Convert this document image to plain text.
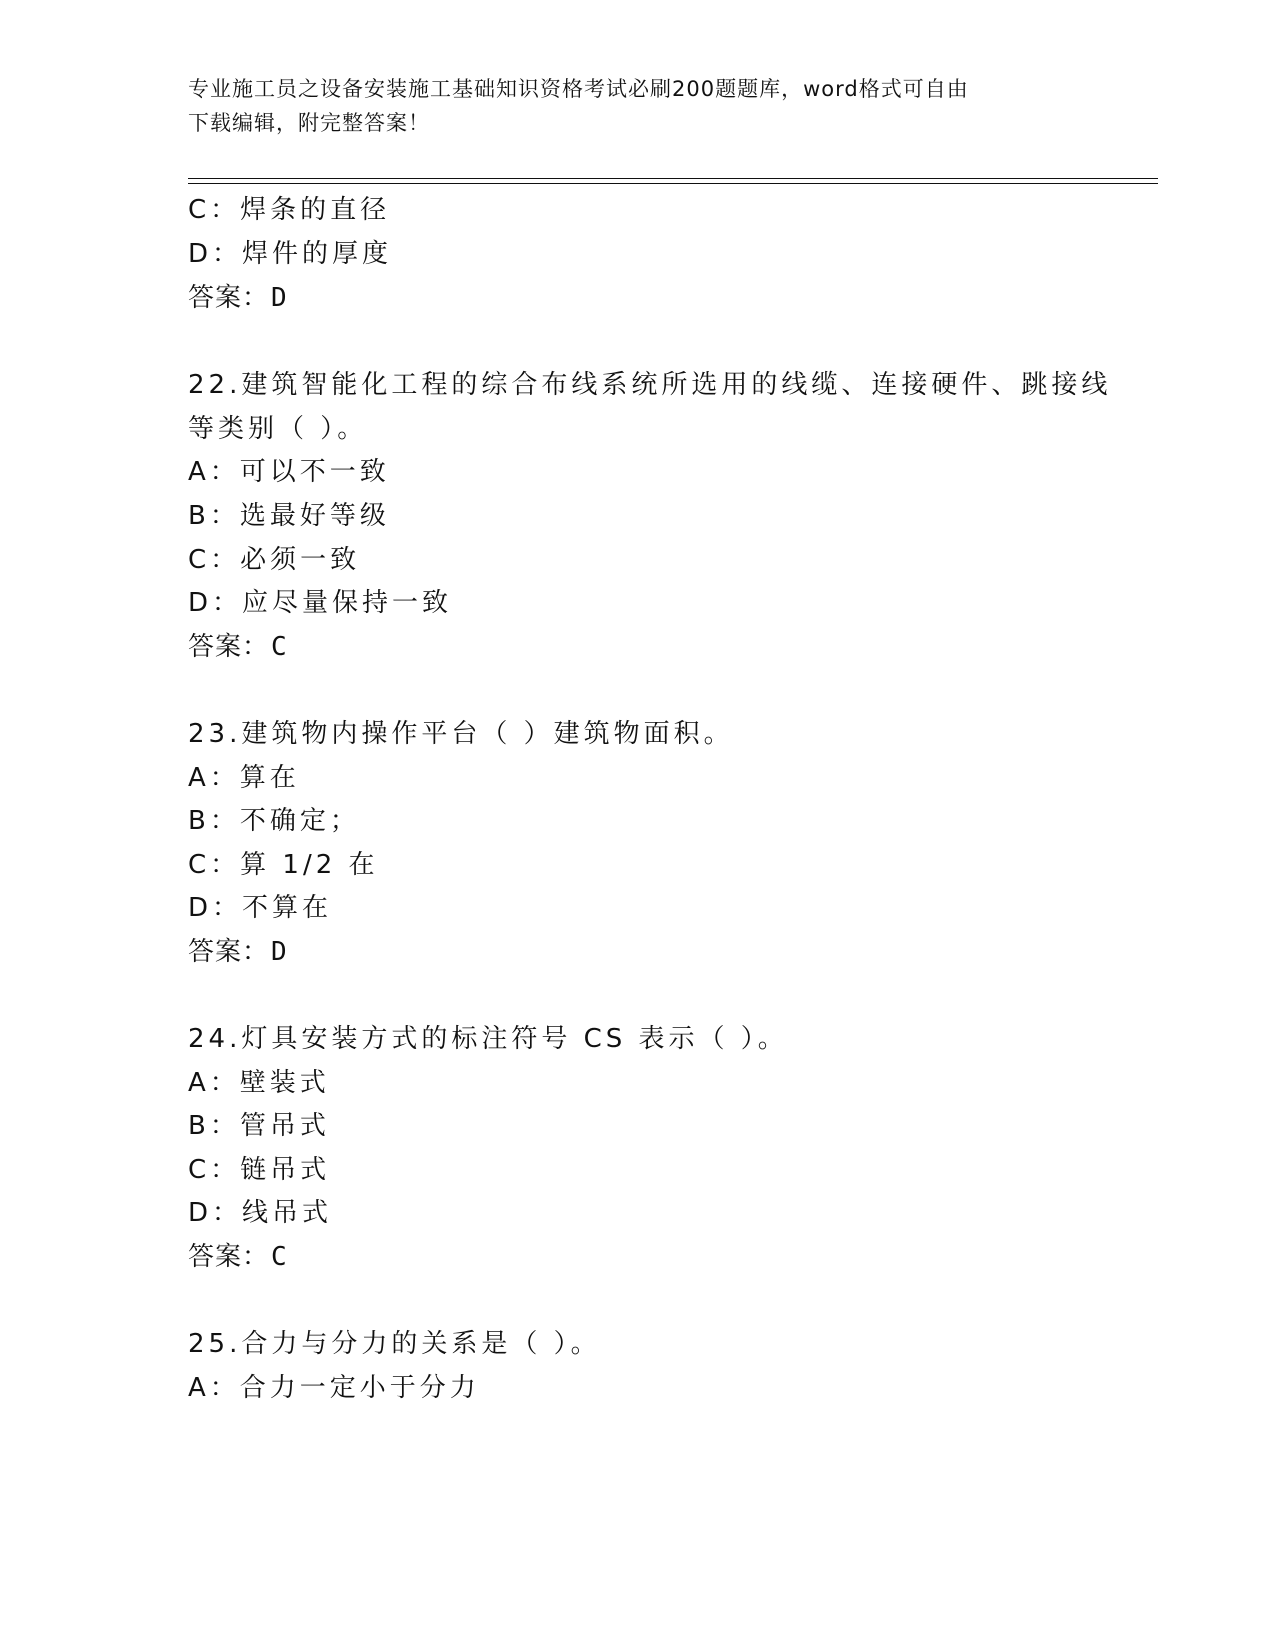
专业施工员之设备安装施工基础知识资格考试必刷200题题库，word格式可自由
下载编辑，附完整答案！
C：焊条的直径
D：焊件的厚度
答案：D
22.建筑智能化工程的综合布线系统所选用的线缆、连接硬件、跳接线
等类别（ ）。
A：可以不一致
B：选最好等级
C：必须一致
D：应尽量保持一致
答案：C
23.建筑物内操作平台（ ）建筑物面积。
A：算在
B：不确定；
C：算 1/2 在
D：不算在
答案：D
24.灯具安装方式的标注符号 CS 表示（ ）。
A：壁装式
B：管吊式
C：链吊式
D：线吊式
答案：C
25.合力与分力的关系是（ ）。
A：合力一定小于分力
